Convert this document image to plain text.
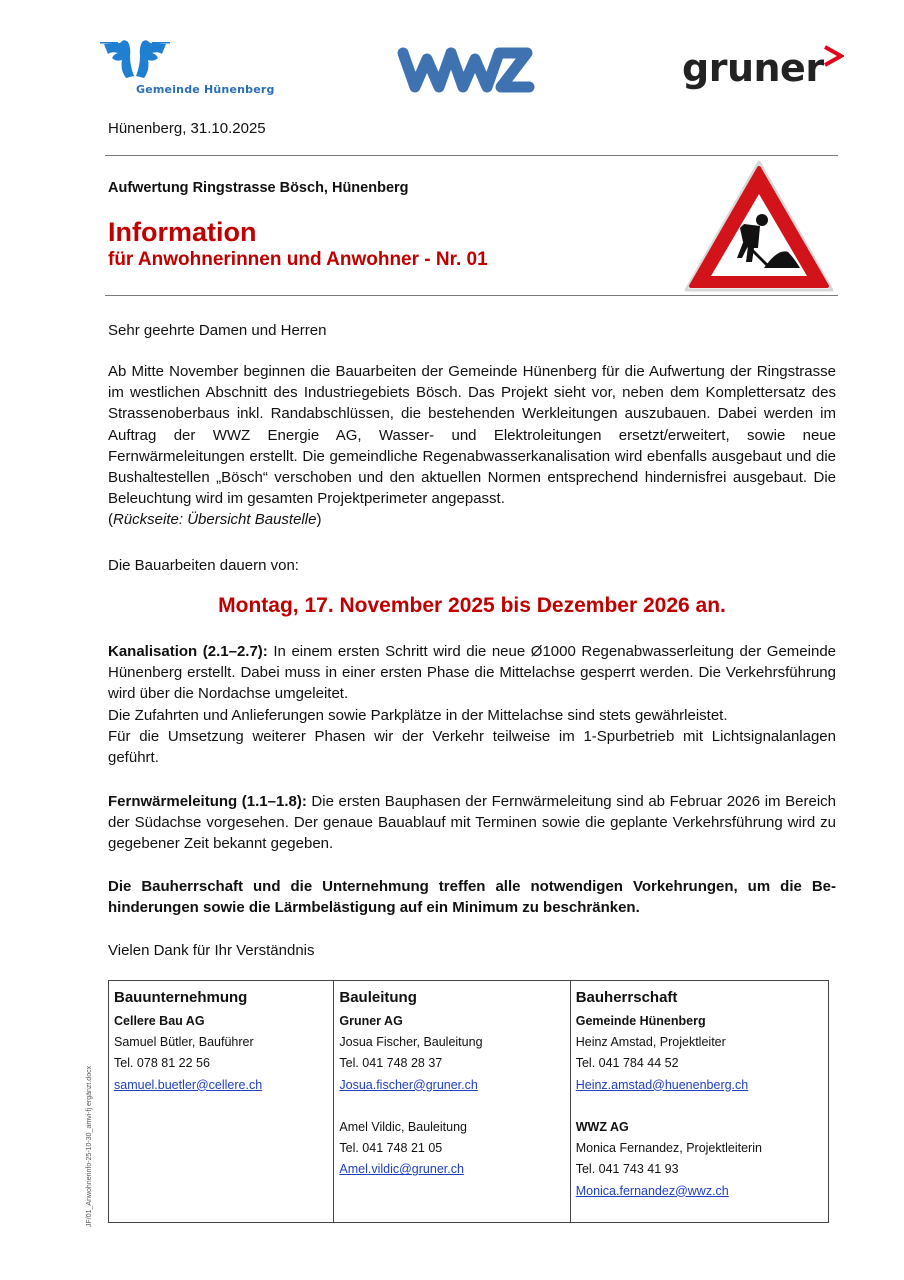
Gemeinde Hünenberg	gruner
Hünenberg, 31.10.2025
Aufwertung Ringstrasse Bösch, Hünenberg
Information
für Anwohnerinnen und Anwohner - Nr. 01
Sehr geehrte Damen und Herren
Ab Mitte November beginnen die Bauarbeiten der Gemeinde Hünenberg für die Aufwertung der Ringstrasse im westlichen Abschnitt des Industriegebiets Bösch. Das Projekt sieht vor, neben dem Komplettersatz des Strassenoberbaus inkl. Randabschlüssen, die bestehenden Werkleitungen auszubauen. Dabei werden im Auftrag der WWZ Energie AG, Wasser- und Elektroleitungen ersetzt/erweitert, sowie neue Fernwärmeleitungen erstellt. Die gemeindliche Regenabwasserkanalisation wird ebenfalls ausgebaut und die Bushaltestellen „Bösch“ verschoben und den aktuellen Normen entsprechend hindernisfrei ausgebaut. Die Beleuchtung wird im gesamten Projektperimeter angepasst.
(Rückseite: Übersicht Baustelle)
Die Bauarbeiten dauern von:
Montag, 17. November 2025 bis Dezember 2026 an.
Kanalisation (2.1–2.7): In einem ersten Schritt wird die neue Ø1000 Regenabwasserleitung der Gemeinde Hünenberg erstellt. Dabei muss in einer ersten Phase die Mittelachse gesperrt werden. Die Verkehrsführung wird über die Nordachse umgeleitet.
Die Zufahrten und Anlieferungen sowie Parkplätze in der Mittelachse sind stets gewährleistet.
Für die Umsetzung weiterer Phasen wir der Verkehr teilweise im 1-Spurbetrieb mit Lichtsignalanlagen geführt.
Fernwärmeleitung (1.1–1.8): Die ersten Bauphasen der Fernwärmeleitung sind ab Februar 2026 im Bereich der Südachse vorgesehen. Der genaue Bauablauf mit Terminen sowie die geplante Verkehrsführung wird zu gegebener Zeit bekannt gegeben.
Die Bauherrschaft und die Unternehmung treffen alle notwendigen Vorkehrungen, um die Behinderungen sowie die Lärmbelästigung auf ein Minimum zu beschränken.
Vielen Dank für Ihr Verständnis
Bauunternehmung
Cellere Bau AG
Samuel Bütler, Bauführer
Tel. 078 81 22 56
samuel.buetler@cellere.ch
Bauleitung
Gruner AG
Josua Fischer, Bauleitung
Tel. 041 748 28 37
Josua.fischer@gruner.ch
Amel Vildic, Bauleitung
Tel. 041 748 21 05
Amel.vildic@gruner.ch
Bauherrschaft
Gemeinde Hünenberg
Heinz Amstad, Projektleiter
Tel. 041 784 44 52
Heinz.amstad@huenenberg.ch
WWZ AG
Monica Fernandez, Projektleiterin
Tel. 041 743 41 93
Monica.fernandez@wwz.ch
JF/01_Anwohnerinfo-25-10-30_amvi-fj ergänzt.docx
